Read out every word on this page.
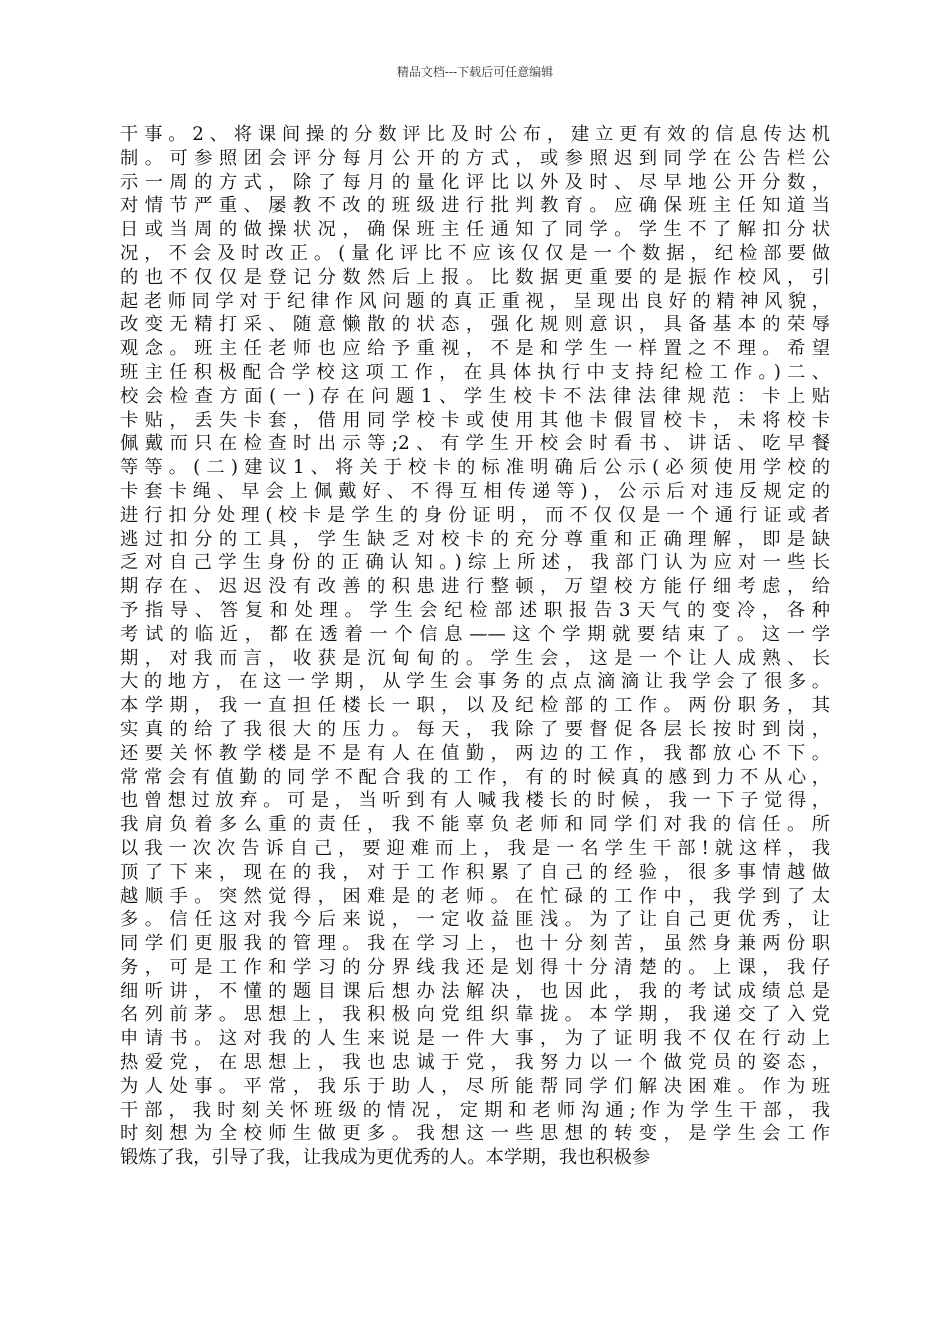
精品文档---下载后可任意编辑
干事。2、将课间操的分数评比及时公布，建立更有效的信息传达机
制。可参照团会评分每月公开的方式，或参照迟到同学在公告栏公
示一周的方式，除了每月的量化评比以外及时、尽早地公开分数，
对情节严重、屡教不改的班级进行批判教育。应确保班主任知道当
日或当周的做操状况，确保班主任通知了同学。学生不了解扣分状
况，不会及时改正。(量化评比不应该仅仅是一个数据，纪检部要做
的也不仅仅是登记分数然后上报。比数据更重要的是振作校风，引
起老师同学对于纪律作风问题的真正重视，呈现出良好的精神风貌，
改变无精打采、随意懒散的状态，强化规则意识，具备基本的荣辱
观念。班主任老师也应给予重视，不是和学生一样置之不理。希望
班主任积极配合学校这项工作，在具体执行中支持纪检工作。)二、
校会检查方面(一)存在问题1、学生校卡不法律法律规范：卡上贴
卡贴，丢失卡套，借用同学校卡或使用其他卡假冒校卡，未将校卡
佩戴而只在检查时出示等;2、有学生开校会时看书、讲话、吃早餐
等等。(二)建议1、将关于校卡的标准明确后公示(必须使用学校的
卡套卡绳、早会上佩戴好、不得互相传递等)，公示后对违反规定的
进行扣分处理(校卡是学生的身份证明，而不仅仅是一个通行证或者
逃过扣分的工具，学生缺乏对校卡的充分尊重和正确理解，即是缺
乏对自己学生身份的正确认知。)综上所述，我部门认为应对一些长
期存在、迟迟没有改善的积患进行整顿，万望校方能仔细考虑，给
予指导、答复和处理。学生会纪检部述职报告3天气的变冷，各种
考试的临近，都在透着一个信息——这个学期就要结束了。这一学
期，对我而言，收获是沉甸甸的。学生会，这是一个让人成熟、长
大的地方，在这一学期，从学生会事务的点点滴滴让我学会了很多。
本学期，我一直担任楼长一职，以及纪检部的工作。两份职务，其
实真的给了我很大的压力。每天，我除了要督促各层长按时到岗，
还要关怀教学楼是不是有人在值勤，两边的工作，我都放心不下。
常常会有值勤的同学不配合我的工作，有的时候真的感到力不从心，
也曾想过放弃。可是，当听到有人喊我楼长的时候，我一下子觉得，
我肩负着多么重的责任，我不能辜负老师和同学们对我的信任。所
以我一次次告诉自己，要迎难而上，我是一名学生干部!就这样，我
顶了下来，现在的我，对于工作积累了自己的经验，很多事情越做
越顺手。突然觉得，困难是的老师。在忙碌的工作中，我学到了太
多。信任这对我今后来说，一定收益匪浅。为了让自己更优秀，让
同学们更服我的管理。我在学习上，也十分刻苦，虽然身兼两份职
务，可是工作和学习的分界线我还是划得十分清楚的。上课，我仔
细听讲，不懂的题目课后想办法解决，也因此，我的考试成绩总是
名列前茅。思想上，我积极向党组织靠拢。本学期，我递交了入党
申请书。这对我的人生来说是一件大事，为了证明我不仅在行动上
热爱党，在思想上，我也忠诚于党，我努力以一个做党员的姿态，
为人处事。平常，我乐于助人，尽所能帮同学们解决困难。作为班
干部，我时刻关怀班级的情况，定期和老师沟通;作为学生干部，我
时刻想为全校师生做更多。我想这一些思想的转变，是学生会工作
锻炼了我，引导了我，让我成为更优秀的人。本学期，我也积极参
